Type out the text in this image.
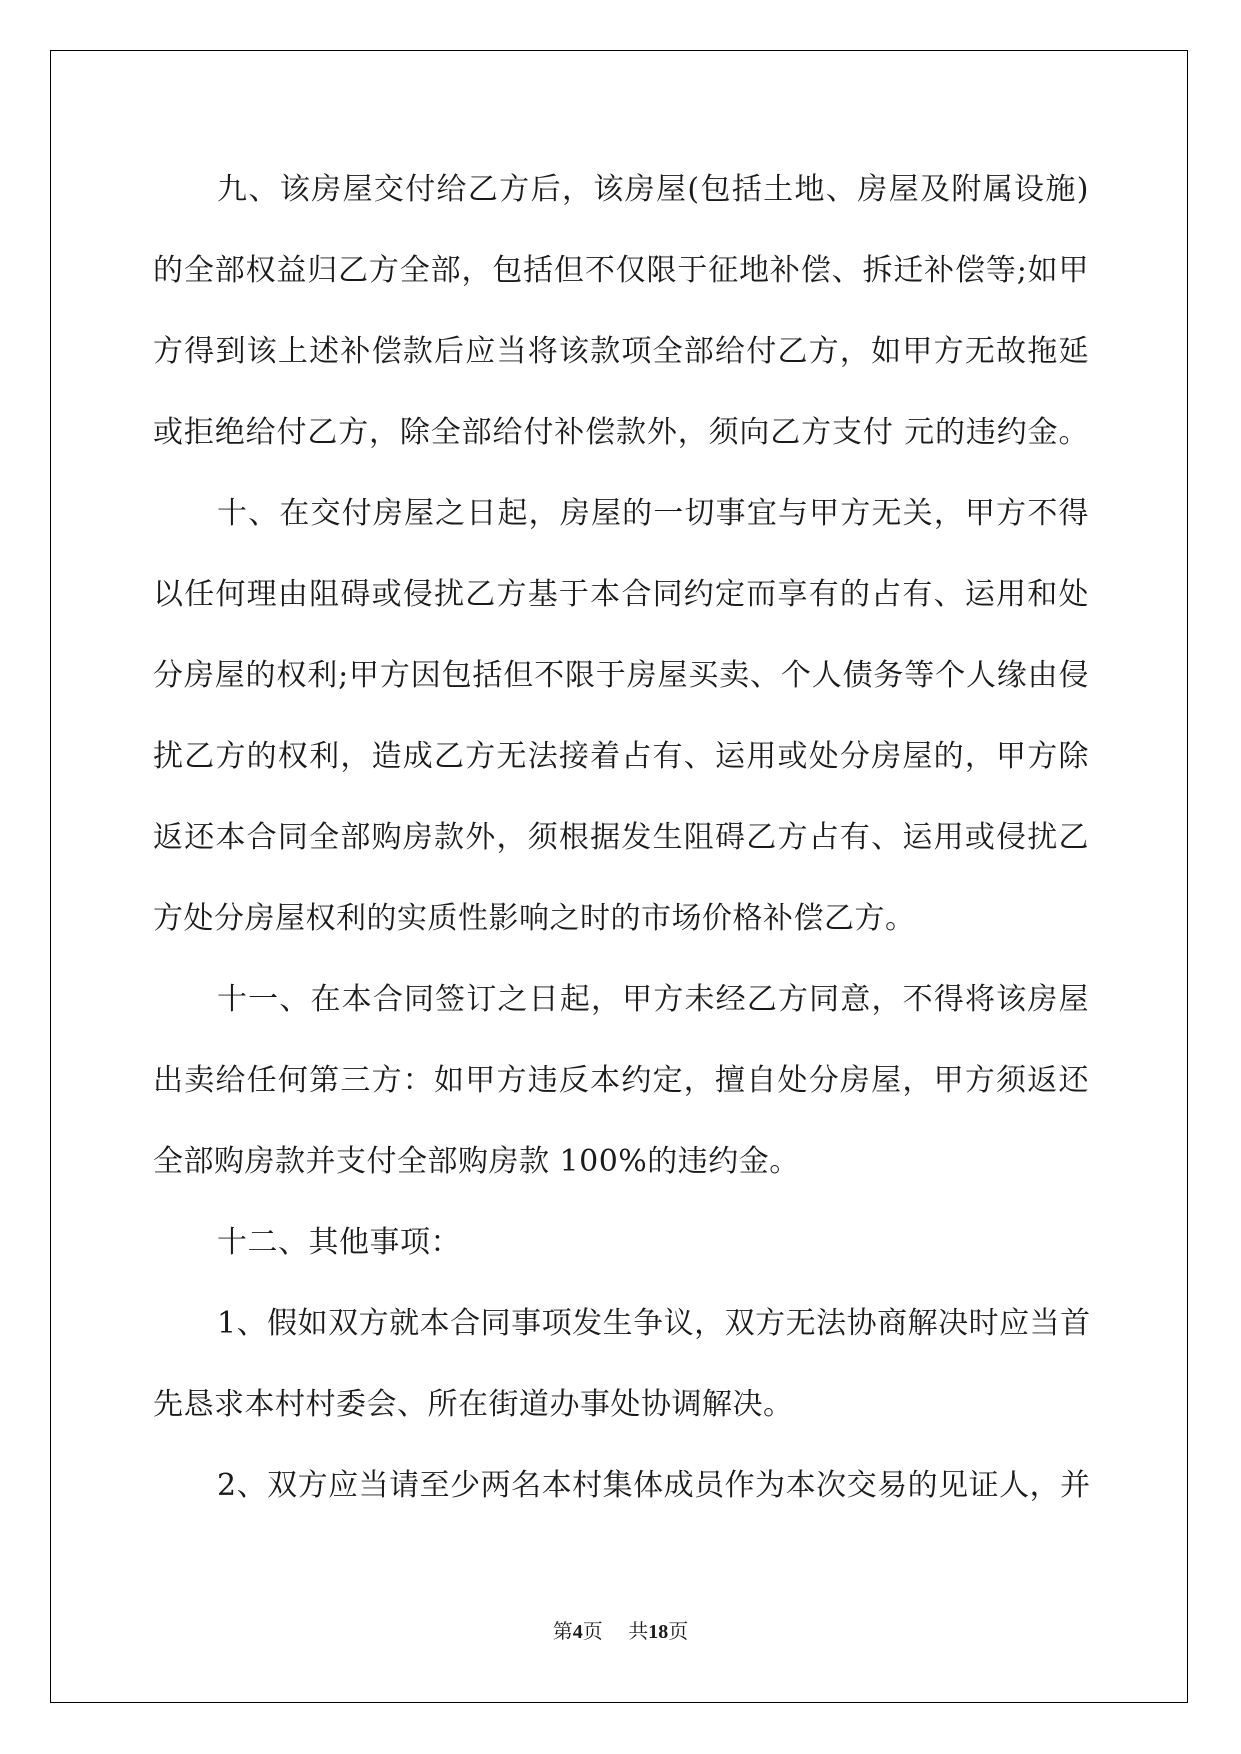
九、该房屋交付给乙方后，该房屋(包括土地、房屋及附属设施)
的全部权益归乙方全部，包括但不仅限于征地补偿、拆迁补偿等;如甲
方得到该上述补偿款后应当将该款项全部给付乙方，如甲方无故拖延
或拒绝给付乙方，除全部给付补偿款外，须向乙方支付 元的违约金。
十、在交付房屋之日起，房屋的一切事宜与甲方无关，甲方不得
以任何理由阻碍或侵扰乙方基于本合同约定而享有的占有、运用和处
分房屋的权利;甲方因包括但不限于房屋买卖、个人债务等个人缘由侵
扰乙方的权利，造成乙方无法接着占有、运用或处分房屋的，甲方除
返还本合同全部购房款外，须根据发生阻碍乙方占有、运用或侵扰乙
方处分房屋权利的实质性影响之时的市场价格补偿乙方。
十一、在本合同签订之日起，甲方未经乙方同意，不得将该房屋
出卖给任何第三方：如甲方违反本约定，擅自处分房屋，甲方须返还
全部购房款并支付全部购房款 100%的违约金。
十二、其他事项：
1、假如双方就本合同事项发生争议，双方无法协商解决时应当首
先恳求本村村委会、所在街道办事处协调解决。
2、双方应当请至少两名本村集体成员作为本次交易的见证人，并
第4页 共18页
